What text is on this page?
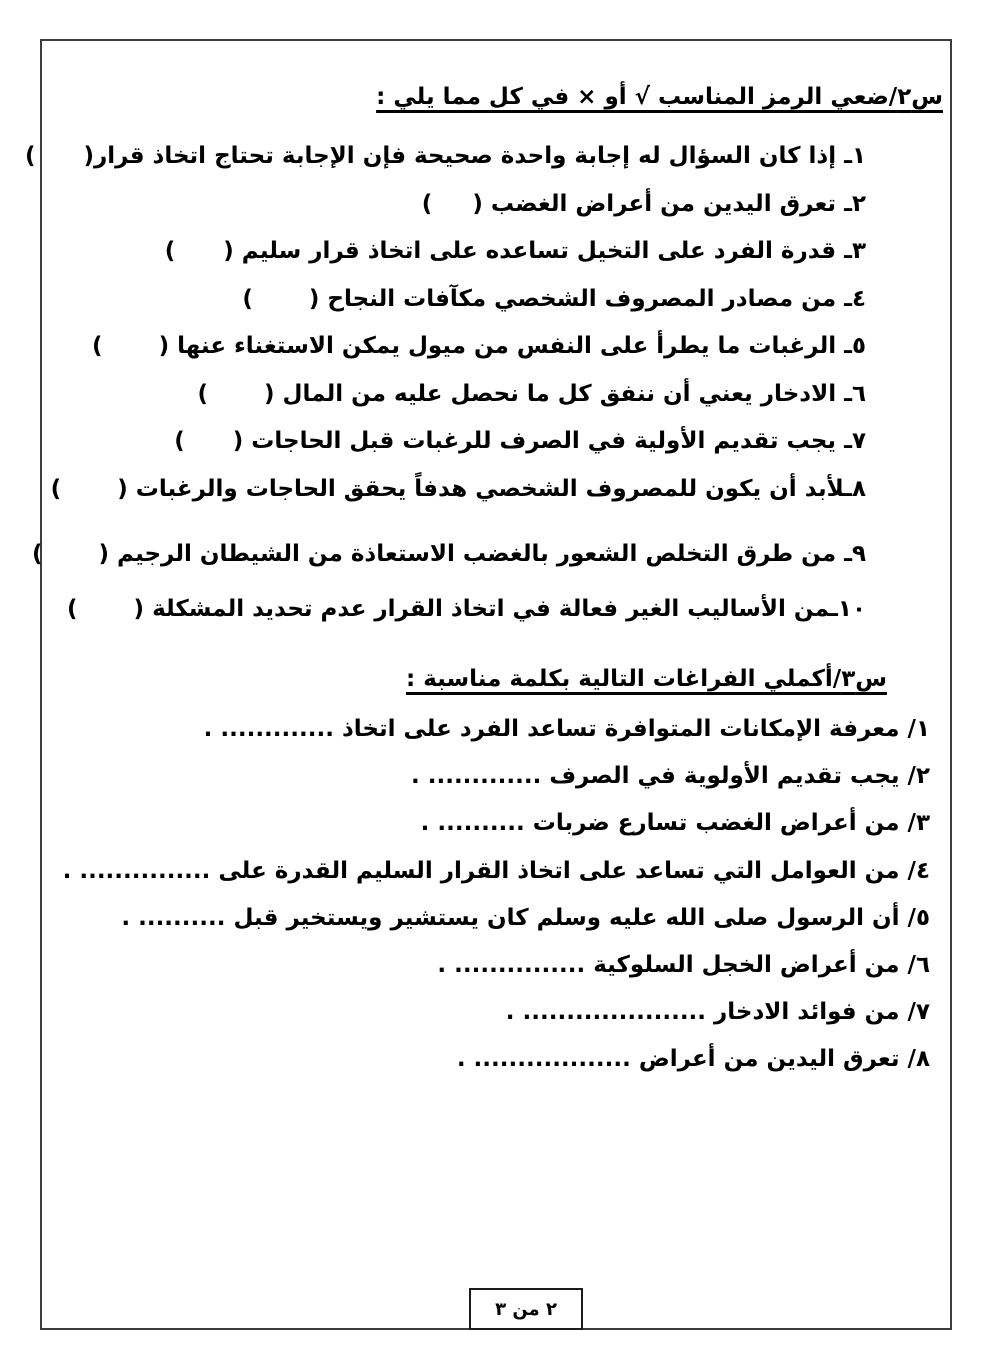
س٢/ضعي الرمز المناسب √ أو × في كل مما يلي :

١ـ إذا كان السؤال له إجابة واحدة صحيحة فإن الإجابة تحتاج اتخاذ قرار(      )

٢ـ تعرق اليدين من أعراض الغضب (     )

٣ـ قدرة الفرد على التخيل تساعده على اتخاذ قرار سليم (      )

٤ـ من مصادر المصروف الشخصي مكآفات النجاح (       )

٥ـ الرغبات ما يطرأ على النفس من ميول يمكن الاستغناء عنها (       )

٦ـ الادخار يعني أن ننفق كل ما نحصل عليه من المال (       )

٧ـ يجب تقديم الأولية في الصرف للرغبات قبل الحاجات (      )

٨ـلأبد أن يكون للمصروف الشخصي هدفاً يحقق الحاجات والرغبات (       )

٩ـ من طرق التخلص الشعور بالغضب الاستعاذة من الشيطان الرجيم (       )

١٠ـمن الأساليب الغير فعالة في اتخاذ القرار عدم تحديد المشكلة (       )

س٣/أكملي الفراغات التالية بكلمة مناسبة :

١/ معرفة الإمكانات المتوافرة تساعد الفرد على اتخاذ ............. .

٢/ يجب تقديم الأولوية في الصرف ............. .

٣/ من أعراض الغضب تسارع ضربات .......... .

٤/ من العوامل التي تساعد على اتخاذ القرار السليم القدرة على ............... .

٥/ أن الرسول صلى الله عليه وسلم كان يستشير ويستخير قبل .......... .

٦/ من أعراض الخجل السلوكية ............... .

٧/ من فوائد الادخار ..................... .

٨/ تعرق اليدين من أعراض .................. .

٢ من ٣
